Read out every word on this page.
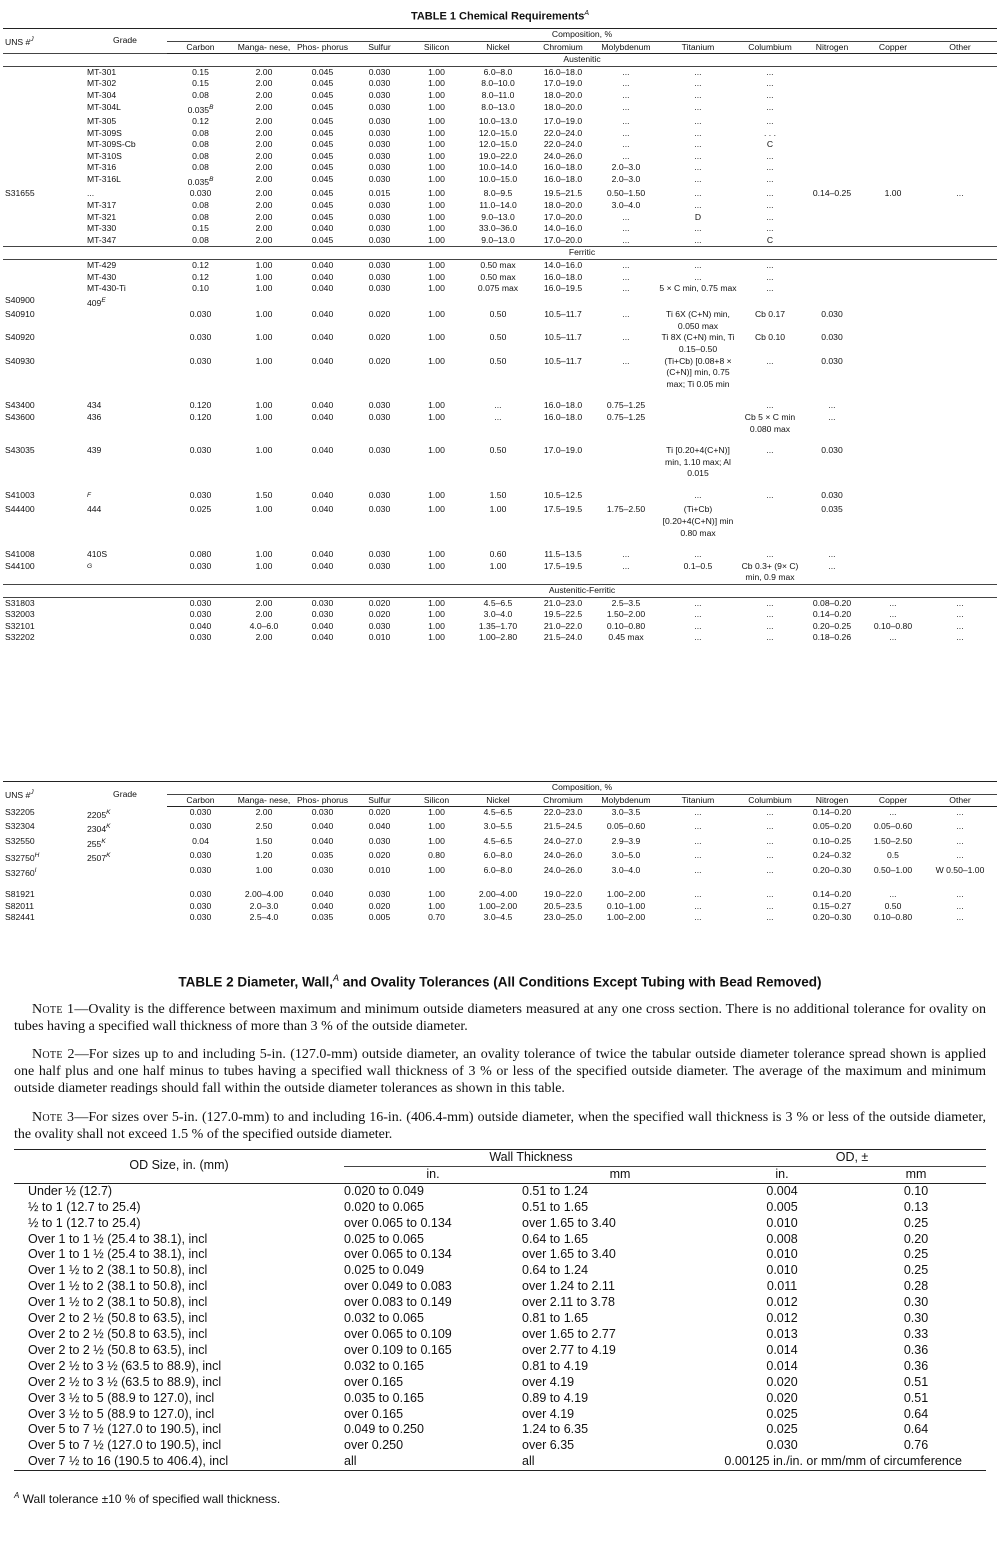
TABLE 1 Chemical Requirements$^A$
UNS #$^J$	Grade	Composition, %												
		Carbon	Manga- nese,	Phos- phorus	Sulfur	Silicon	Nickel	Chromium	Molybdenum	Titanium	Columbium	Nitrogen	Copper	Other
		Austenitic												
	MT-301	0.15	2.00	0.045	0.030	1.00	6.0–8.0	16.0–18.0	...	...	...			
	MT-302	0.15	2.00	0.045	0.030	1.00	8.0–10.0	17.0–19.0	...	...	...			
	MT-304	0.08	2.00	0.045	0.030	1.00	8.0–11.0	18.0–20.0	...	...	...			
	MT-304L	0.035$^B$	2.00	0.045	0.030	1.00	8.0–13.0	18.0–20.0	...	...	...			
	MT-305	0.12	2.00	0.045	0.030	1.00	10.0–13.0	17.0–19.0	...	...	...			
	MT-309S	0.08	2.00	0.045	0.030	1.00	12.0–15.0	22.0–24.0	...	...	. . .			
	MT-309S-Cb	0.08	2.00	0.045	0.030	1.00	12.0–15.0	22.0–24.0	...	...	C			
	MT-310S	0.08	2.00	0.045	0.030	1.00	19.0–22.0	24.0–26.0	...	...	...			
	MT-316	0.08	2.00	0.045	0.030	1.00	10.0–14.0	16.0–18.0	2.0–3.0	...	...			
	MT-316L	0.035$^B$	2.00	0.045	0.030	1.00	10.0–15.0	16.0–18.0	2.0–3.0	...	...			
S31655	...	0.030	2.00	0.045	0.015	1.00	8.0–9.5	19.5–21.5	0.50–1.50	...	...	0.14–0.25	1.00	...
	MT-317	0.08	2.00	0.045	0.030	1.00	11.0–14.0	18.0–20.0	3.0–4.0	...	...			
	MT-321	0.08	2.00	0.045	0.030	1.00	9.0–13.0	17.0–20.0	...	D	...			
	MT-330	0.15	2.00	0.040	0.030	1.00	33.0–36.0	14.0–16.0	...	...	...			
	MT-347	0.08	2.00	0.045	0.030	1.00	9.0–13.0	17.0–20.0	...	...	C			
		Ferritic												
	MT-429	0.12	1.00	0.040	0.030	1.00	0.50 max	14.0–16.0	...	...	...			
	MT-430	0.12	1.00	0.040	0.030	1.00	0.50 max	16.0–18.0	...	...	...			
	MT-430-Ti	0.10	1.00	0.040	0.030	1.00	0.075 max	16.0–19.5	...	5 × C min, 0.75 max	...			
S40900	409$^E$													
S40910		0.030	1.00	0.040	0.020	1.00	0.50	10.5–11.7	...	Ti 6X (C+N) min, 0.050 max	Cb 0.17	0.030		
S40920		0.030	1.00	0.040	0.020	1.00	0.50	10.5–11.7	...	Ti 8X (C+N) min, Ti 0.15–0.50	Cb 0.10	0.030		
S40930		0.030	1.00	0.040	0.020	1.00	0.50	10.5–11.7	...	(Ti+Cb) [0.08+8 × (C+N)] min, 0.75 max; Ti 0.05 min	...	0.030		

S43400	434	0.120	1.00	0.040	0.030	1.00	...	16.0–18.0	0.75–1.25		...	...		
S43600	436	0.120	1.00	0.040	0.030	1.00	...	16.0–18.0	0.75–1.25		Cb 5 × C min 0.080 max	...		

S43035	439	0.030	1.00	0.040	0.030	1.00	0.50	17.0–19.0		Ti [0.20+4(C+N)] min, 1.10 max; Al 0.015	...	0.030		

S41003	$^F$	0.030	1.50	0.040	0.030	1.00	1.50	10.5–12.5		...	...	0.030		
S44400	444	0.025	1.00	0.040	0.030	1.00	1.00	17.5–19.5	1.75–2.50	(Ti+Cb) [0.20+4(C+N)] min 0.80 max		0.035		

S41008	410S	0.080	1.00	0.040	0.030	1.00	0.60	11.5–13.5	...	...	...	...		
S44100	$^G$	0.030	1.00	0.040	0.030	1.00	1.00	17.5–19.5	...	0.1–0.5	Cb 0.3+ (9× C) min, 0.9 max	...		
		Austenitic-Ferritic												
S31803		0.030	2.00	0.030	0.020	1.00	4.5–6.5	21.0–23.0	2.5–3.5	...	...	0.08–0.20	...	...
S32003		0.030	2.00	0.030	0.020	1.00	3.0–4.0	19.5–22.5	1.50–2.00	...	...	0.14–0.20	...	...
S32101		0.040	4.0–6.0	0.040	0.030	1.00	1.35–1.70	21.0–22.0	0.10–0.80	...	...	0.20–0.25	0.10–0.80	...
S32202		0.030	2.00	0.040	0.010	1.00	1.00–2.80	21.5–24.0	0.45 max	...	...	0.18–0.26	...	...
UNS #$^J$	Grade	Composition, %												
		Carbon	Manga- nese,	Phos- phorus	Sulfur	Silicon	Nickel	Chromium	Molybdenum	Titanium	Columbium	Nitrogen	Copper	Other
S32205	2205$^K$	0.030	2.00	0.030	0.020	1.00	4.5–6.5	22.0–23.0	3.0–3.5	...	...	0.14–0.20	...	...
S32304	2304$^K$	0.030	2.50	0.040	0.040	1.00	3.0–5.5	21.5–24.5	0.05–0.60	...	...	0.05–0.20	0.05–0.60	...
S32550	255$^K$	0.04	1.50	0.040	0.030	1.00	4.5–6.5	24.0–27.0	2.9–3.9	...	...	0.10–0.25	1.50–2.50	...
S32750$^H$	2507$^K$	0.030	1.20	0.035	0.020	0.80	6.0–8.0	24.0–26.0	3.0–5.0	...	...	0.24–0.32	0.5	...
S32760$^I$		0.030	1.00	0.030	0.010	1.00	6.0–8.0	24.0–26.0	3.0–4.0	...	...	0.20–0.30	0.50–1.00	W 0.50–1.00

S81921		0.030	2.00–4.00	0.040	0.030	1.00	2.00–4.00	19.0–22.0	1.00–2.00	...	...	0.14–0.20	...	...
S82011		0.030	2.0–3.0	0.040	0.020	1.00	1.00–2.00	20.5–23.5	0.10–1.00	...	...	0.15–0.27	0.50	...
S82441		0.030	2.5–4.0	0.035	0.005	0.70	3.0–4.5	23.0–25.0	1.00–2.00	...	...	0.20–0.30	0.10–0.80	...
TABLE 2 Diameter, Wall,$^A$ and Ovality Tolerances (All Conditions Except Tubing with Bead Removed)

Note 1—Ovality is the difference between maximum and minimum outside diameters measured at any one cross section. There is no additional tolerance for ovality on tubes having a specified wall thickness of more than 3 % of the outside diameter.

Note 2—For sizes up to and including 5-in. (127.0-mm) outside diameter, an ovality tolerance of twice the tabular outside diameter tolerance spread shown is applied one half plus and one half minus to tubes having a specified wall thickness of 3 % or less of the specified outside diameter. The average of the maximum and minimum outside diameter readings should fall within the outside diameter tolerances as shown in this table.

Note 3—For sizes over 5-in. (127.0-mm) to and including 16-in. (406.4-mm) outside diameter, when the specified wall thickness is 3 % or less of the outside diameter, the ovality shall not exceed 1.5 % of the specified outside diameter.

OD Size, in. (mm)	Wall Thickness		OD, ±	
	in.	mm	in.	mm
Under ½ (12.7)	0.020 to 0.049	0.51 to 1.24	0.004	0.10
½ to 1 (12.7 to 25.4)	0.020 to 0.065	0.51 to 1.65	0.005	0.13
½ to 1 (12.7 to 25.4)	over 0.065 to 0.134	over 1.65 to 3.40	0.010	0.25
Over 1 to 1 ½ (25.4 to 38.1), incl	0.025 to 0.065	0.64 to 1.65	0.008	0.20
Over 1 to 1 ½ (25.4 to 38.1), incl	over 0.065 to 0.134	over 1.65 to 3.40	0.010	0.25
Over 1 ½ to 2 (38.1 to 50.8), incl	0.025 to 0.049	0.64 to 1.24	0.010	0.25
Over 1 ½ to 2 (38.1 to 50.8), incl	over 0.049 to 0.083	over 1.24 to 2.11	0.011	0.28
Over 1 ½ to 2 (38.1 to 50.8), incl	over 0.083 to 0.149	over 2.11 to 3.78	0.012	0.30
Over 2 to 2 ½ (50.8 to 63.5), incl	0.032 to 0.065	0.81 to 1.65	0.012	0.30
Over 2 to 2 ½ (50.8 to 63.5), incl	over 0.065 to 0.109	over 1.65 to 2.77	0.013	0.33
Over 2 to 2 ½ (50.8 to 63.5), incl	over 0.109 to 0.165	over 2.77 to 4.19	0.014	0.36
Over 2 ½ to 3 ½ (63.5 to 88.9), incl	0.032 to 0.165	0.81 to 4.19	0.014	0.36
Over 2 ½ to 3 ½ (63.5 to 88.9), incl	over 0.165	over 4.19	0.020	0.51
Over 3 ½ to 5 (88.9 to 127.0), incl	0.035 to 0.165	0.89 to 4.19	0.020	0.51
Over 3 ½ to 5 (88.9 to 127.0), incl	over 0.165	over 4.19	0.025	0.64
Over 5 to 7 ½ (127.0 to 190.5), incl	0.049 to 0.250	1.24 to 6.35	0.025	0.64
Over 5 to 7 ½ (127.0 to 190.5), incl	over 0.250	over 6.35	0.030	0.76
Over 7 ½ to 16 (190.5 to 406.4), incl	all	all	0.00125 in./in. or mm/mm of circumference	
$^A$ Wall tolerance ±10 % of specified wall thickness.
